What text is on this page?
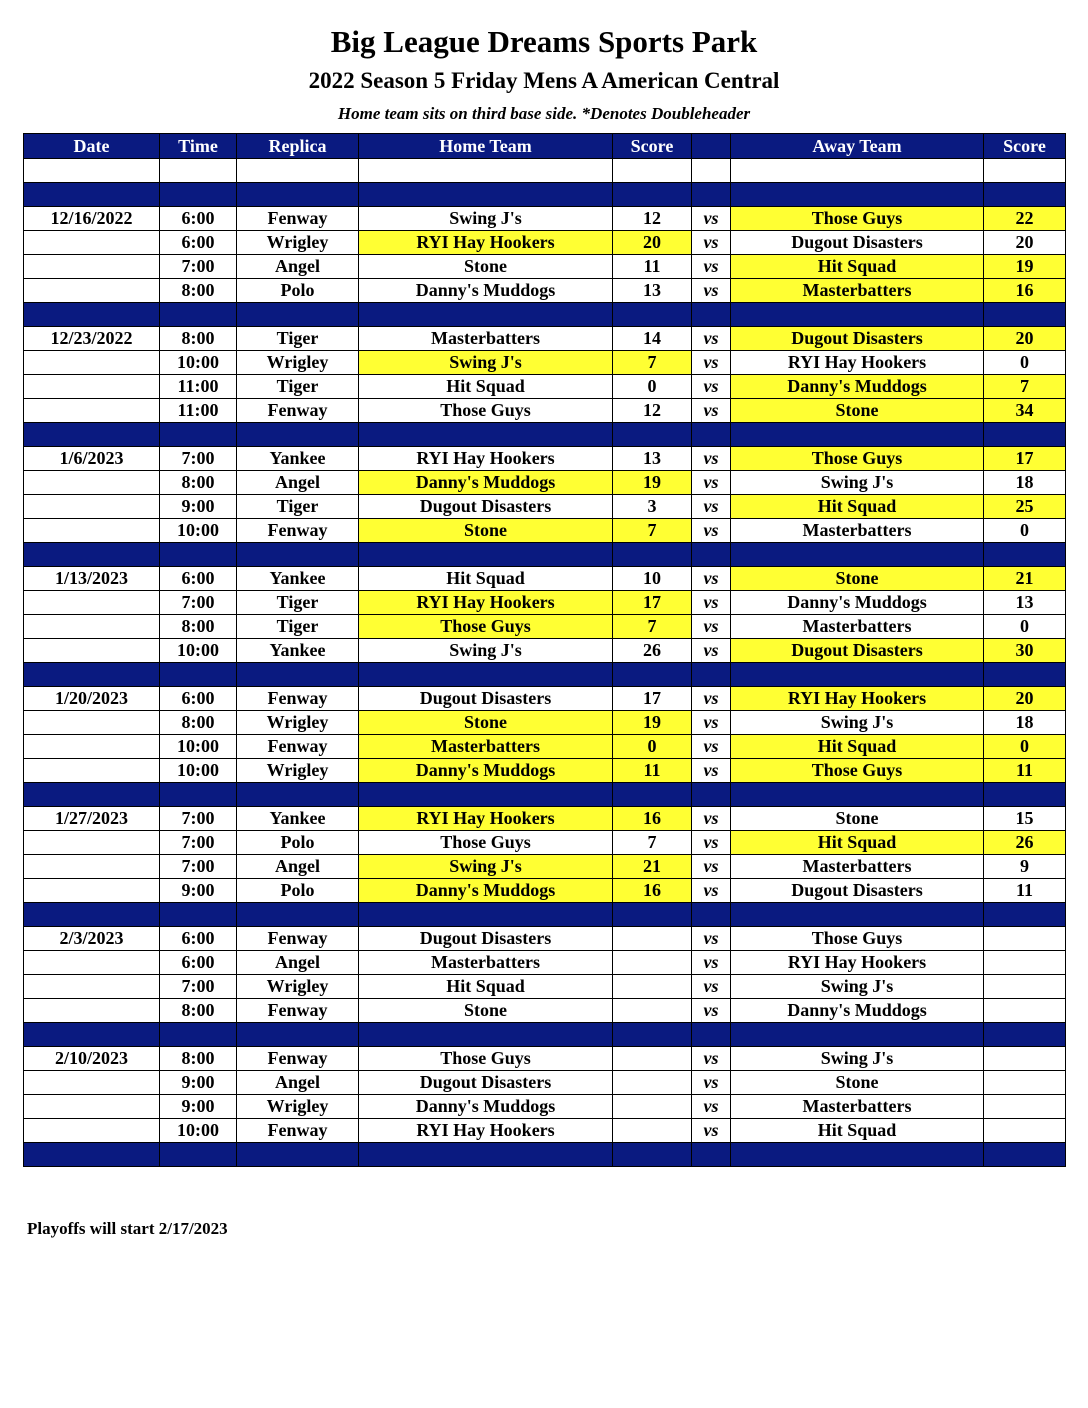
Big League Dreams Sports Park
2022 Season 5 Friday Mens A American Central
Home team sits on third base side. *Denotes Doubleheader
Date	Time	Replica	Home Team	Score		Away Team	Score

12/16/2022	6:00	Fenway	Swing J's	12	vs	Those Guys	22
	6:00	Wrigley	RYI Hay Hookers	20	vs	Dugout Disasters	20
	7:00	Angel	Stone	11	vs	Hit Squad	19
	8:00	Polo	Danny's Muddogs	13	vs	Masterbatters	16

12/23/2022	8:00	Tiger	Masterbatters	14	vs	Dugout Disasters	20
	10:00	Wrigley	Swing J's	7	vs	RYI Hay Hookers	0
	11:00	Tiger	Hit Squad	0	vs	Danny's Muddogs	7
	11:00	Fenway	Those Guys	12	vs	Stone	34

1/6/2023	7:00	Yankee	RYI Hay Hookers	13	vs	Those Guys	17
	8:00	Angel	Danny's Muddogs	19	vs	Swing J's	18
	9:00	Tiger	Dugout Disasters	3	vs	Hit Squad	25
	10:00	Fenway	Stone	7	vs	Masterbatters	0

1/13/2023	6:00	Yankee	Hit Squad	10	vs	Stone	21
	7:00	Tiger	RYI Hay Hookers	17	vs	Danny's Muddogs	13
	8:00	Tiger	Those Guys	7	vs	Masterbatters	0
	10:00	Yankee	Swing J's	26	vs	Dugout Disasters	30

1/20/2023	6:00	Fenway	Dugout Disasters	17	vs	RYI Hay Hookers	20
	8:00	Wrigley	Stone	19	vs	Swing J's	18
	10:00	Fenway	Masterbatters	0	vs	Hit Squad	0
	10:00	Wrigley	Danny's Muddogs	11	vs	Those Guys	11

1/27/2023	7:00	Yankee	RYI Hay Hookers	16	vs	Stone	15
	7:00	Polo	Those Guys	7	vs	Hit Squad	26
	7:00	Angel	Swing J's	21	vs	Masterbatters	9
	9:00	Polo	Danny's Muddogs	16	vs	Dugout Disasters	11

2/3/2023	6:00	Fenway	Dugout Disasters		vs	Those Guys	
	6:00	Angel	Masterbatters		vs	RYI Hay Hookers	
	7:00	Wrigley	Hit Squad		vs	Swing J's	
	8:00	Fenway	Stone		vs	Danny's Muddogs	

2/10/2023	8:00	Fenway	Those Guys		vs	Swing J's	
	9:00	Angel	Dugout Disasters		vs	Stone	
	9:00	Wrigley	Danny's Muddogs		vs	Masterbatters	
	10:00	Fenway	RYI Hay Hookers		vs	Hit Squad	

Playoffs will start 2/17/2023
